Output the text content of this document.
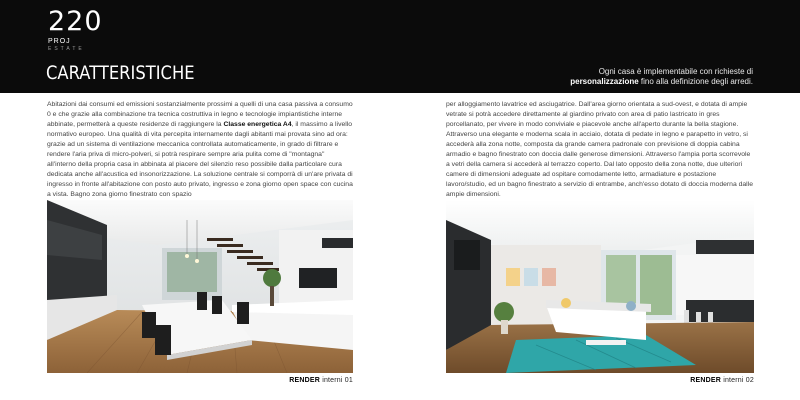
220
PROJ
ESTATE
CARATTERISTICHE	Ogni casa è implementabile con richieste di
personalizzazione fino alla definizione degli arredi.
Abitazioni dai consumi ed emissioni sostanzialmente prossimi a quelli di una casa passiva a consumo 0 e che grazie alla combinazione tra tecnica costruttiva in legno e tecnologie impiantistiche interne abbinate, permetterà a queste residenze di raggiungere la Classe energetica A4, il massimo a livello normativo europeo. Una qualità di vita percepita internamente dagli abitanti mai provata sino ad ora: grazie ad un sistema di ventilazione meccanica controllata automaticamente, in grado di filtrare e rendere l'aria priva di micro-polveri, si potrà respirare sempre aria pulita come di "montagna" all'interno della propria casa in abbinata al piacere del silenzio reso possibile dalla particolare cura dedicata anche all'acustica ed insonorizzazione. La soluzione centrale si comporrà di un'are privata di ingresso in fronte all'abitazione con posto auto privato, ingresso e zona giorno open space con cucina a vista. Bagno zona giorno finestrato con spazio
per alloggiamento lavatrice ed asciugatrice. Dall'area giorno orientata a sud-ovest, e dotata di ampie vetrate si potrà accedere direttamente al giardino privato con area di patio lastricato in gres porcellanato, per vivere in modo conviviale e piacevole anche all'aperto durante la bella stagione. Attraverso una elegante e moderna scala in acciaio, dotata di pedate in legno e parapetto in vetro, si accederà alla zona notte, composta da grande camera padronale con previsione di doppia cabina armadio e bagno finestrato con doccia dalle generose dimensioni. Attraverso l'ampia porta scorrevole a vetri della camera si accederà al terrazzo coperto. Dal lato opposto della zona notte, due ulteriori camere di dimensioni adeguate ad ospitare comodamente letto, armadiature e postazione lavoro/studio, ed un bagno finestrato a servizio di entrambe, anch'esso dotato di doccia moderna dalle ampie dimensioni.
RENDER interni 01	RENDER interni 02
